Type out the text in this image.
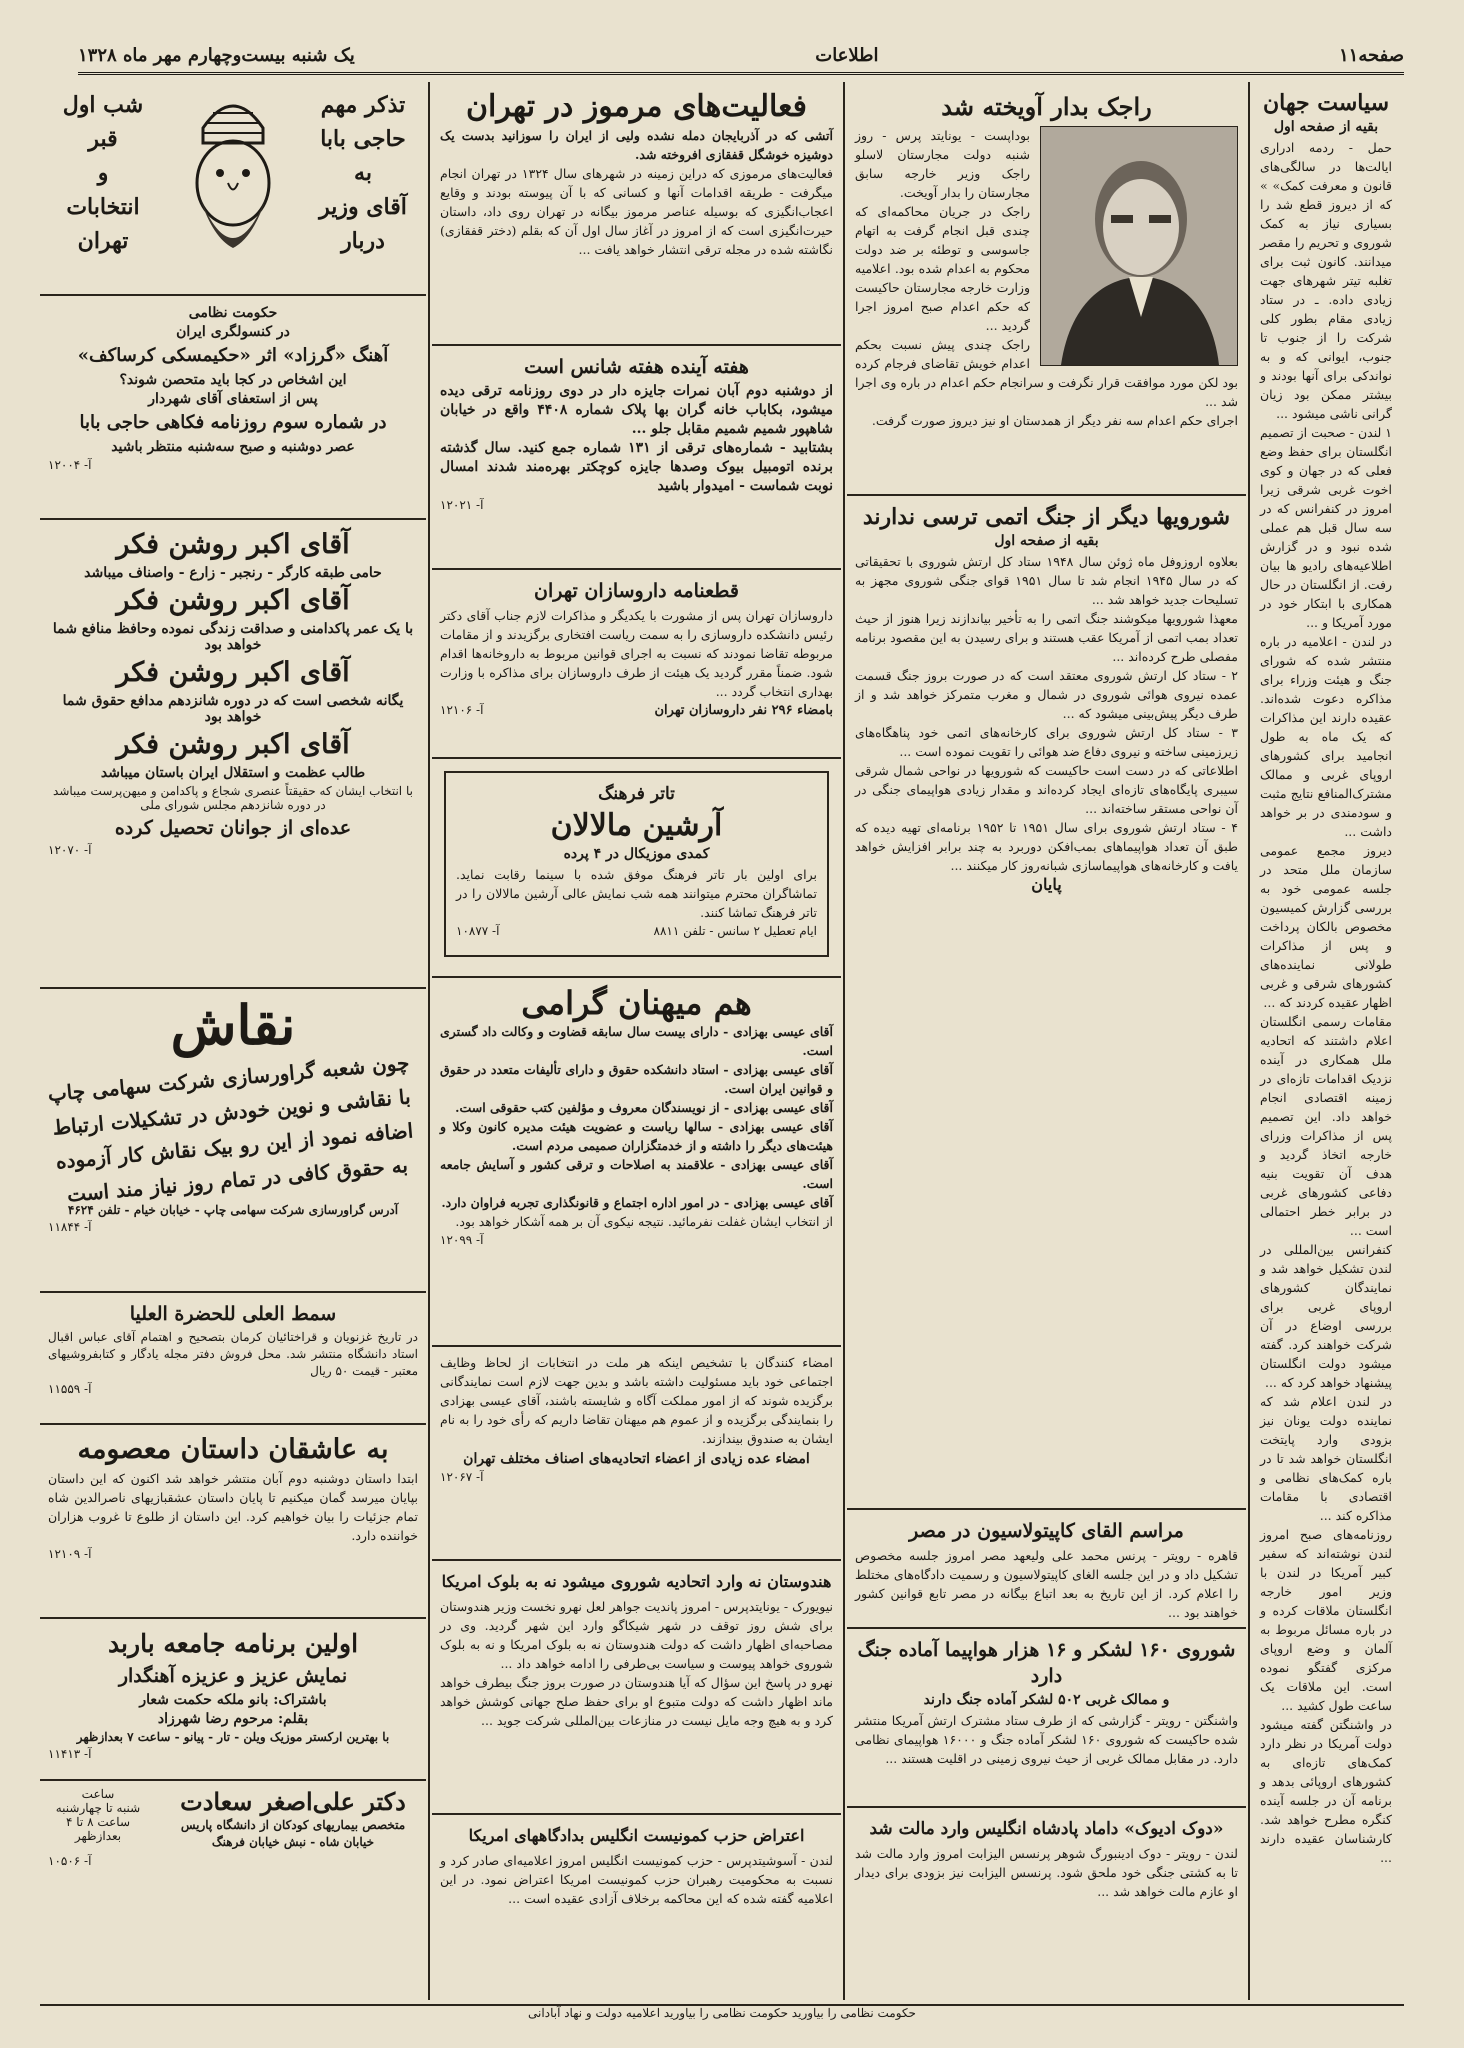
صفحه۱۱
اطلاعات
یک شنبه بیست‌وچهارم مهر ماه ۱۳۲۸
سیاست جهان
بقیه از صفحه اول

حمل - ردمه ادراری ایالت‌ها در سالگی‌های قانون و معرفت کمک»‌ » که از دیروز قطع شد را بسیاری نیاز به کمک شوروی و تحریم را مقصر میدانند. کانون ثبت برای تغلبه تیتر شهرهای جهت زیادی داده. ـ در ستاد زیادی مقام بطور کلی شرکت را از جنوب تا جنوب، ایوانی که و به نواندکی برای آنها بودند و بیشتر ممکن بود زیان گرانی ناشی میشود ...

۱ لندن - صحبت از تصمیم انگلستان برای حفظ وضع فعلی که در جهان و کوی اخوت غربی شرقی زیرا امروز در کنفرانس که در سه سال قبل هم عملی شده نبود و در گزارش اطلاعیه‌های رادیو ها بیان رفت. از انگلستان در حال همکاری با ابتکار خود در مورد آمریکا و ...

در لندن - اعلامیه در باره منتشر شده که شورای جنگ و هیئت وزراء برای مذاکره دعوت شده‌اند. عقیده دارند این مذاکرات که یک ماه به طول انجامید برای کشورهای اروپای غربی و ممالک مشترک‌المنافع نتایج مثبت و سودمندی در بر خواهد داشت ...

دیروز مجمع عمومی سازمان ملل متحد در جلسه عمومی خود به بررسی گزارش کمیسیون مخصوص بالکان پرداخت و پس از مذاکرات طولانی نماینده‌های کشورهای شرقی و غربی اظهار عقیده کردند که ...

مقامات رسمی انگلستان اعلام داشتند که اتحادیه ملل همکاری در آینده نزدیک اقدامات تازه‌ای در زمینه اقتصادی انجام خواهد داد. این تصمیم پس از مذاکرات وزرای خارجه اتخاذ گردید و هدف آن تقویت بنیه دفاعی کشورهای غربی در برابر خطر احتمالی است ...

کنفرانس بین‌المللی در لندن تشکیل خواهد شد و نمایندگان کشورهای اروپای غربی برای بررسی اوضاع در آن شرکت خواهند کرد. گفته میشود دولت انگلستان پیشنهاد خواهد کرد که ...

در لندن اعلام شد که نماینده دولت یونان نیز بزودی وارد پایتخت انگلستان خواهد شد تا در باره کمک‌های نظامی و اقتصادی با مقامات مذاکره کند ...

روزنامه‌های صبح امروز لندن نوشته‌اند که سفیر کبیر آمریکا در لندن با وزیر امور خارجه انگلستان ملاقات کرده و در باره مسائل مربوط به آلمان و وضع اروپای مرکزی گفتگو نموده است. این ملاقات یک ساعت طول کشید ...

در واشنگتن گفته میشود دولت آمریکا در نظر دارد کمک‌های تازه‌ای به کشورهای اروپائی بدهد و برنامه آن در جلسه آینده کنگره مطرح خواهد شد. کارشناسان عقیده دارند ...

راجک بدار آویخته شد

بوداپست - یونایتد پرس - روز شنبه دولت مجارستان لاسلو راجک وزیر خارجه سابق مجارستان را بدار آویخت.

راجک در جریان محاکمه‌ای که چندی قبل انجام گرفت به اتهام جاسوسی و توطئه بر ضد دولت محکوم به اعدام شده بود. اعلامیه وزارت خارجه مجارستان حاکیست که حکم اعدام صبح امروز اجرا گردید ...

راجک چندی پیش نسبت بحکم اعدام خویش تقاضای فرجام کرده بود لکن مورد موافقت قرار نگرفت و سرانجام حکم اعدام در باره وی اجرا شد ...

اجرای حکم اعدام سه نفر دیگر از همدستان او نیز دیروز صورت گرفت.

شورویها دیگر از جنگ اتمی ترسی ندارند
بقیه از صفحه اول

بعلاوه اروزوفل ماه ژوئن سال ۱۹۴۸ ستاد کل ارتش شوروی با تحقیقاتی که در سال ۱۹۴۵ انجام شد تا سال ۱۹۵۱ قوای جنگی شوروی مجهز به تسلیحات جدید خواهد شد ...

معهذا شورویها میکوشند جنگ اتمی را به تأخیر بیاندازند زیرا هنوز از حیث تعداد بمب اتمی از آمریکا عقب هستند و برای رسیدن به این مقصود برنامه مفصلی طرح کرده‌اند ...

۲ - ستاد کل ارتش شوروی معتقد است که در صورت بروز جنگ قسمت عمده نیروی هوائی شوروی در شمال و مغرب متمرکز خواهد شد و از طرف دیگر پیش‌بینی میشود که ...

۳ - ستاد کل ارتش شوروی برای کارخانه‌های اتمی خود پناهگاه‌های زیرزمینی ساخته و نیروی دفاع ضد هوائی را تقویت نموده است ...

اطلاعاتی که در دست است حاکیست که شورویها در نواحی شمال شرقی سیبری پایگاه‌های تازه‌ای ایجاد کرده‌اند و مقدار زیادی هواپیمای جنگی در آن نواحی مستقر ساخته‌اند ...

۴ - ستاد ارتش شوروی برای سال ۱۹۵۱ تا ۱۹۵۲ برنامه‌ای تهیه دیده که طبق آن تعداد هواپیماهای بمب‌افکن دوربرد به چند برابر افزایش خواهد یافت و کارخانه‌های هواپیماسازی شبانه‌روز کار میکنند ...

پایان
مراسم القای کاپیتولاسیون در مصر

قاهره - رویتر - پرنس محمد علی ولیعهد مصر امروز جلسه مخصوص تشکیل داد و در این جلسه الغای کاپیتولاسیون و رسمیت دادگاه‌های مختلط را اعلام کرد. از این تاریخ به بعد اتباع بیگانه در مصر تابع قوانین کشور خواهند بود ...

شوروی ۱۶۰ لشکر و ۱۶ هزار هواپیما آماده جنگ دارد
و ممالک غربی ۵۰۲ لشکر آماده جنگ دارند

واشنگتن - رویتر - گزارشی که از طرف ستاد مشترک ارتش آمریکا منتشر شده حاکیست که شوروی ۱۶۰ لشکر آماده جنگ و ۱۶۰۰۰ هواپیمای نظامی دارد. در مقابل ممالک غربی از حیث نیروی زمینی در اقلیت هستند ...

«دوک ادیوک» داماد پادشاه انگلیس وارد مالت شد

لندن - رویتر - دوک ادینبورگ شوهر پرنسس الیزابت امروز وارد مالت شد تا به کشتی جنگی خود ملحق شود. پرنسس الیزابت نیز بزودی برای دیدار او عازم مالت خواهد شد ...

فعالیت‌های مرموز در تهران

آتشی که در آذربایجان دمله نشده ولیی از ایران را سوزانید بدست یک دوشیزه خوشگل قفقازی افروخته شد.

فعالیت‌های مرموزی که دراین زمینه در شهرهای سال ۱۳۲۴ در تهران انجام میگرفت - طریقه اقدامات آنها و کسانی که با آن پیوسته بودند و وقایع اعجاب‌انگیزی که بوسیله عناصر مرموز بیگانه در تهران روی داد، داستان حیرت‌انگیزی است که از امروز در آغاز سال اول آن که بقلم (دختر قفقازی) نگاشته شده در مجله ترقی انتشار خواهد یافت ...

هفته آینده هفته شانس است

از دوشنبه دوم آبان نمرات جایزه دار در دوی روزنامه ترقی دیده میشود، بکاباب خانه گران بها پلاک شماره ۴۴۰۸ واقع در خیابان شاهپور شمیم شمیم مقابل جلو ...

بشتابید - شماره‌های ترقی از ۱۳۱ شماره جمع کنید. سال گذشته برنده اتومبیل بیوک وصدها جایزه کوچکتر بهره‌مند شدند امسال نوبت شماست - امیدوار باشید

آ- ۱۲۰۲۱
قطعنامه داروسازان تهران

داروسازان تهران پس از مشورت با یکدیگر و مذاکرات لازم جناب آقای دکتر رئیس دانشکده داروسازی را به سمت ریاست افتخاری برگزیدند و از مقامات مربوطه تقاضا نمودند که نسبت به اجرای قوانین مربوط به داروخانه‌ها اقدام شود. ضمناً مقرر گردید یک هیئت از طرف داروسازان برای مذاکره با وزارت بهداری انتخاب گردد ...

بامضاء ۲۹۶ نفر داروسازان تهران
آ- ۱۲۱۰۶
تاتر فرهنگ
آرشین مالالان
کمدی موزیکال در ۴ پرده

برای اولین بار تاتر فرهنگ موفق شده با سینما رقابت نماید. تماشاگران محترم میتوانند همه شب نمایش عالی آرشین مالالان را در تاتر فرهنگ تماشا کنند.

ایام تعطیل ۲ سانس - تلفن ۸۸۱۱
آ- ۱۰۸۷۷
هم میهنان گرامی

آقای عیسی بهزادی - دارای بیست سال سابقه قضاوت و وکالت داد گستری است.

آقای عیسی بهزادی - استاد دانشکده حقوق و دارای تألیفات متعدد در حقوق و قوانین ایران است.

آقای عیسی بهزادی - از نویسندگان معروف و مؤلفین کتب حقوقی است.

آقای عیسی بهزادی - سالها ریاست و عضویت هیئت مدیره کانون وکلا و هیئت‌های دیگر را داشته و از خدمتگزاران صمیمی مردم است.

آقای عیسی بهزادی - علاقمند به اصلاحات و ترقی کشور و آسایش جامعه است.

آقای عیسی بهزادی - در امور اداره اجتماع و قانونگذاری تجربه فراوان دارد.

از انتخاب ایشان غفلت نفرمائید. نتیجه نیکوی آن بر همه آشکار خواهد بود.

آ- ۱۲۰۹۹

امضاء کنندگان با تشخیص اینکه هر ملت در انتخابات از لحاظ وظایف اجتماعی خود باید مسئولیت داشته باشد و بدین جهت لازم است نمایندگانی برگزیده شوند که از امور مملکت آگاه و شایسته باشند، آقای عیسی بهزادی را بنمایندگی برگزیده و از عموم هم میهنان تقاضا داریم که رأی خود را به نام ایشان به صندوق بیندازند.

امضاء عده زیادی از اعضاء اتحادیه‌های اصناف مختلف تهران
آ- ۱۲۰۶۷
هندوستان نه وارد اتحادیه شوروی میشود نه به بلوک امریکا

نیویورک - یونایتدپرس - امروز پاندیت جواهر لعل نهرو نخست وزیر هندوستان برای شش روز توقف در شهر شیکاگو وارد این شهر گردید. وی در مصاحبه‌ای اظهار داشت که دولت هندوستان نه به بلوک امریکا و نه به بلوک شوروی خواهد پیوست و سیاست بی‌طرفی را ادامه خواهد داد ...

نهرو در پاسخ این سؤال که آیا هندوستان در صورت بروز جنگ بیطرف خواهد ماند اظهار داشت که دولت متبوع او برای حفظ صلح جهانی کوشش خواهد کرد و به هیچ وجه مایل نیست در منازعات بین‌المللی شرکت جوید ...

اعتراض حزب کمونیست انگلیس بدادگاههای امریکا

لندن - آسوشیتدپرس - حزب کمونیست انگلیس امروز اعلامیه‌ای صادر کرد و نسبت به محکومیت رهبران حزب کمونیست امریکا اعتراض نمود. در این اعلامیه گفته شده که این محاکمه برخلاف آزادی عقیده است ...

تذکر مهم
حاجی بابا
به
آقای وزیر
دربار
شب اول
قبر
و
انتخابات
تهران
حکومت نظامی
در کنسولگری ایران
آهنگ «گرزاد» اثر «حکیمسکی کرساکف»
این اشخاص در کجا باید متحصن شوند؟
پس از استعفای آقای شهردار
در شماره سوم روزنامه فکاهی حاجی بابا
عصر دوشنبه و صبح سه‌شنبه منتظر باشید
آ- ۱۲۰۰۴
آقای اکبر روشن فکر
حامی طبقه کارگر - رنجبر - زارع - واصناف میباشد
آقای اکبر روشن فکر
با یک عمر پاکدامنی و صداقت زندگی نموده وحافظ منافع شما خواهد بود
آقای اکبر روشن فکر
یگانه شخصی است که در دوره شانزدهم مدافع حقوق شما خواهد بود
آقای اکبر روشن فکر
طالب عظمت و استقلال ایران باستان میباشد
با انتخاب ایشان که حقیقتاً عنصری شجاع و پاکدامن و میهن‌پرست میباشد در دوره شانزدهم مجلس شورای ملی
عده‌ای از جوانان تحصیل کرده
آ- ۱۲۰۷۰
نقاش
چون شعبه گراورسازی شرکت سهامی چاپ با نقاشی و نوین خودش در تشکیلات ارتباط اضافه نمود از این رو بیک نقاش کار آزموده به حقوق کافی در تمام روز نیاز مند است
آدرس گراورسازی شرکت سهامی چاپ - خیابان خیام - تلفن ۴۶۲۴
آ- ۱۱۸۴۴
سمط العلی للحضرة العلیا

در تاریخ غزنویان و قراختائیان کرمان بتصحیح و اهتمام آقای عباس اقبال استاد دانشگاه منتشر شد. محل فروش دفتر مجله یادگار و کتابفروشیهای معتبر - قیمت ۵۰ ریال

آ- ۱۱۵۵۹
به عاشقان داستان معصومه

ابتدا داستان دوشنبه دوم آبان منتشر خواهد شد اکنون که این داستان بپایان میرسد گمان میکنیم تا پایان داستان عشقبازیهای ناصرالدین شاه تمام جزئیات را بیان خواهیم کرد. این داستان از طلوع تا غروب هزاران خواننده دارد.

آ- ۱۲۱۰۹
اولین برنامه جامعه باربد
نمایش عزیز و عزیزه آهنگدار
باشتراک: بانو ملکه حکمت شعار
بقلم: مرحوم رضا شهرزاد
با بهترین ارکستر موزیک ویلن - تار - پیانو - ساعت ۷ بعدازظهر
آ- ۱۱۴۱۳
دکتر علی‌اصغر سعادت
متخصص بیماریهای کودکان از دانشگاه پاریس
خیابان شاه - نبش خیابان فرهنگ
ساعت
شنبه تا چهارشنبه
ساعت ۸ تا ۴ بعدازظهر
آ- ۱۰۵۰۶
حکومت نظامی را بیاورید حکومت نظامی را بیاورید اعلامیه دولت و نهاد آبادانی
